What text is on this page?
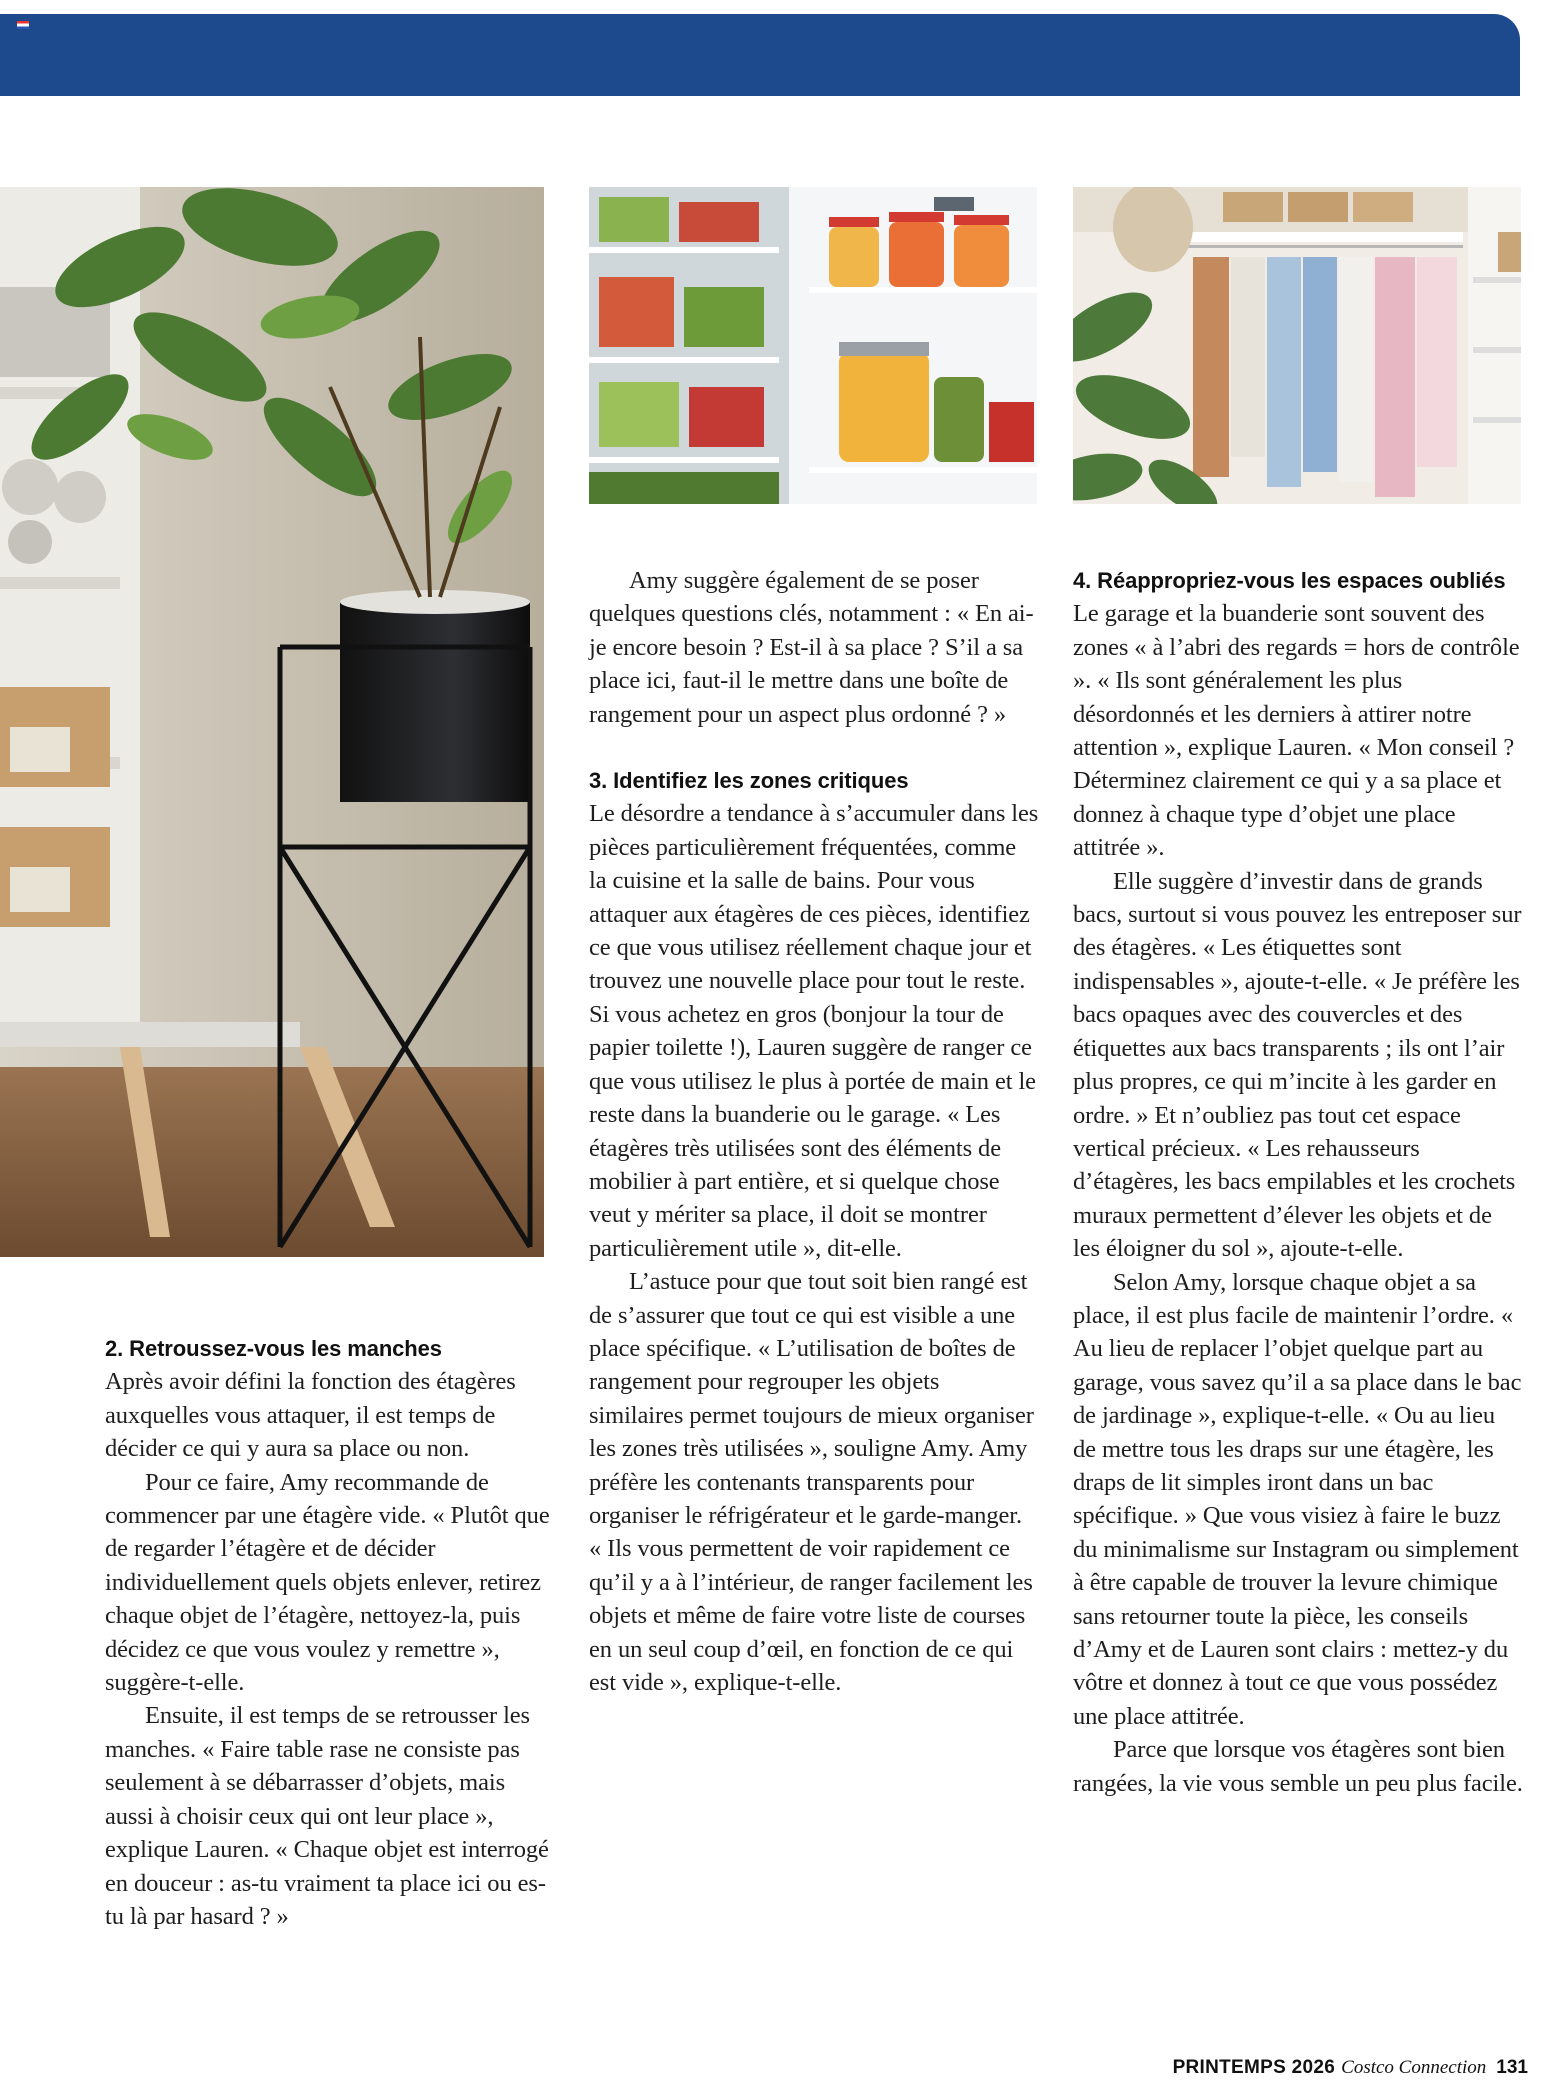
2. Retroussez-vous les manches

Après avoir défini la fonction des étagères auxquelles vous attaquer, il est temps de décider ce qui y aura sa place ou non.

Pour ce faire, Amy recommande de commencer par une étagère vide. « Plutôt que de regarder l’étagère et de décider individuellement quels objets enlever, retirez chaque objet de l’étagère, nettoyez-la, puis décidez ce que vous voulez y remettre », suggère-t-elle.

Ensuite, il est temps de se retrousser les manches. « Faire table rase ne consiste pas seulement à se débarrasser d’objets, mais aussi à choisir ceux qui ont leur place », explique Lauren. « Chaque objet est interrogé en douceur : as-tu vraiment ta place ici ou es-tu là par hasard ? »

Amy suggère également de se poser quelques questions clés, notamment : « En ai-je encore besoin ? Est-il à sa place ? S’il a sa place ici, faut-il le mettre dans une boîte de rangement pour un aspect plus ordonné ? »

3. Identifiez les zones critiques

Le désordre a tendance à s’accumuler dans les pièces particulièrement fréquentées, comme la cuisine et la salle de bains. Pour vous attaquer aux étagères de ces pièces, identifiez ce que vous utilisez réellement chaque jour et trouvez une nouvelle place pour tout le reste. Si vous achetez en gros (bonjour la tour de papier toilette !), Lauren suggère de ranger ce que vous utilisez le plus à portée de main et le reste dans la buanderie ou le garage. « Les étagères très utilisées sont des éléments de mobilier à part entière, et si quelque chose veut y mériter sa place, il doit se montrer particulièrement utile », dit-elle.

L’astuce pour que tout soit bien rangé est de s’assurer que tout ce qui est visible a une place spécifique. « L’utilisation de boîtes de rangement pour regrouper les objets similaires permet toujours de mieux organiser les zones très utilisées », souligne Amy. Amy préfère les contenants transparents pour organiser le réfrigérateur et le garde-manger. « Ils vous permettent de voir rapidement ce qu’il y a à l’intérieur, de ranger facilement les objets et même de faire votre liste de courses en un seul coup d’œil, en fonction de ce qui est vide », explique-t-elle.

4. Réappropriez-vous les espaces oubliés

Le garage et la buanderie sont souvent des zones « à l’abri des regards = hors de contrôle ». « Ils sont généralement les plus désordonnés et les derniers à attirer notre attention », explique Lauren. « Mon conseil ? Déterminez clairement ce qui y a sa place et donnez à chaque type d’objet une place attitrée ».

Elle suggère d’investir dans de grands bacs, surtout si vous pouvez les entreposer sur des étagères. « Les étiquettes sont indispensables », ajoute-t-elle. « Je préfère les bacs opaques avec des couvercles et des étiquettes aux bacs transparents ; ils ont l’air plus propres, ce qui m’incite à les garder en ordre. » Et n’oubliez pas tout cet espace vertical précieux. « Les rehausseurs d’étagères, les bacs empilables et les crochets muraux permettent d’élever les objets et de les éloigner du sol », ajoute-t-elle.

Selon Amy, lorsque chaque objet a sa place, il est plus facile de maintenir l’ordre. « Au lieu de replacer l’objet quelque part au garage, vous savez qu’il a sa place dans le bac de jardinage », explique-t-elle. « Ou au lieu de mettre tous les draps sur une étagère, les draps de lit simples iront dans un bac spécifique. » Que vous visiez à faire le buzz du minimalisme sur Instagram ou simplement à être capable de trouver la levure chimique sans retourner toute la pièce, les conseils d’Amy et de Lauren sont clairs : mettez-y du vôtre et donnez à tout ce que vous possédez une place attitrée.

Parce que lorsque vos étagères sont bien rangées, la vie vous semble un peu plus facile.

PRINTEMPS 2026 Costco Connection 131
